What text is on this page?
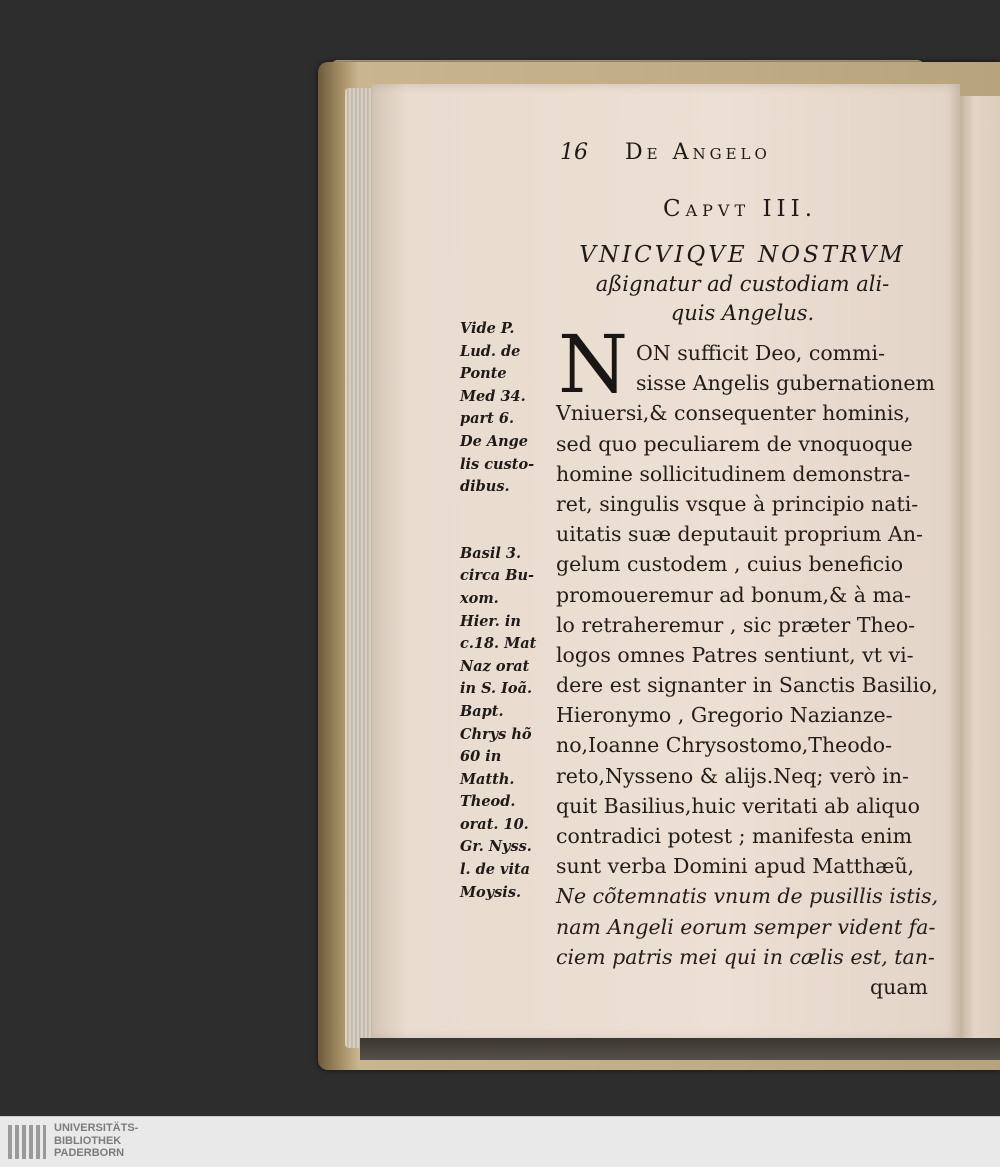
16 De Angelo
Capvt III.
VNICVIQVE NOSTRVM
aßignatur ad custodiam ali-
quis Angelus.
N ON sufficit Deo, commi-
sisse Angelis gubernationem
Vniuersi,& consequenter hominis,
sed quo peculiarem de vnoquoque
homine sollicitudinem demonstra-
ret, singulis vsque à principio nati-
uitatis suæ deputauit proprium An-
gelum custodem , cuius beneficio
promoueremur ad bonum,& à ma-
lo retraheremur , sic præter Theo-
logos omnes Patres sentiunt, vt vi-
dere est signanter in Sanctis Basilio,
Hieronymo , Gregorio Nazianze-
no,Ioanne Chrysostomo,Theodo-
reto,Nysseno & alijs.Neq; verò in-
quit Basilius,huic veritati ab aliquo
contradici potest ; manifesta enim
sunt verba Domini apud Matthæũ,
Ne cõtemnatis vnum de pusillis istis,
nam Angeli eorum semper vident fa-
ciem patris mei qui in cælis est, tan-
quam
Vide P.
Lud. de
Ponte
Med 34.
part 6.
De Ange
lis custo-
dibus.
Basil 3.
circa Bu-
xom.
Hier. in
c.18. Mat
Naz orat
in S. Ioã.
Bapt.
Chrys hõ
60 in
Matth.
Theod.
orat. 10.
Gr. Nyss.
l. de vita
Moysis.
UNIVERSITÄTS-
BIBLIOTHEK
PADERBORN
